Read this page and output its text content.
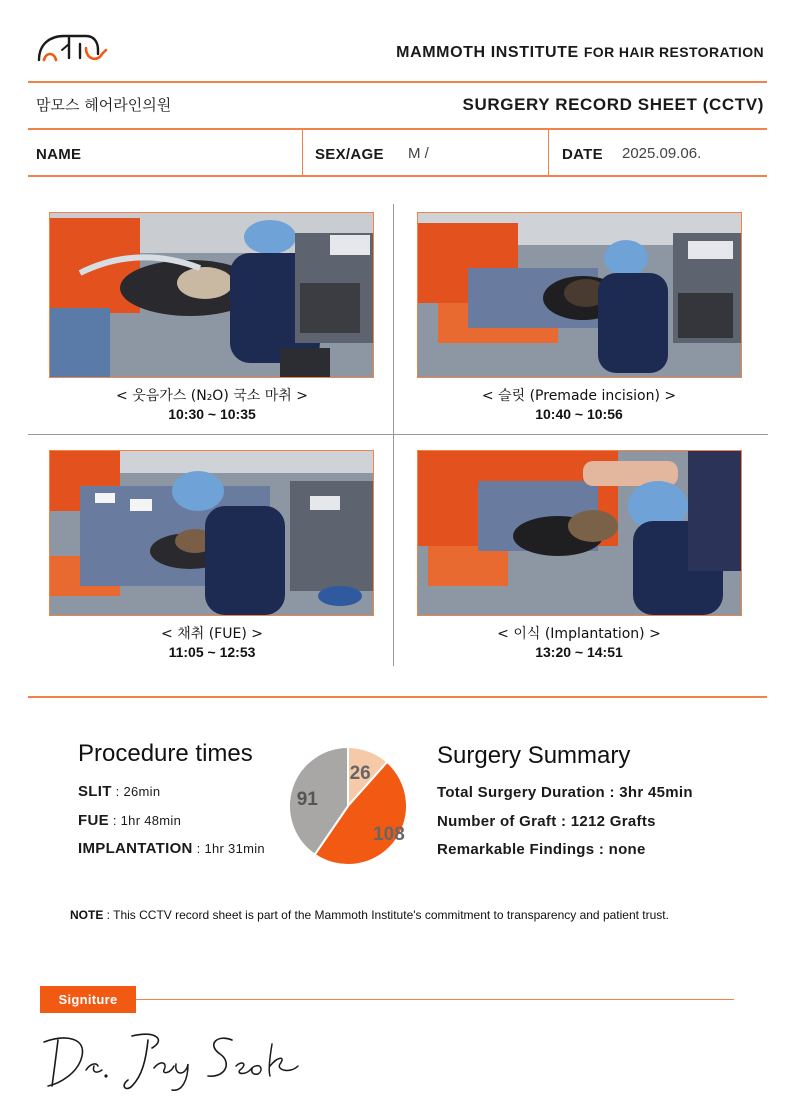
MAMMOTH INSTITUTE FOR HAIR RESTORATION
맘모스 헤어라인의원	SURGERY RECORD SHEET (CCTV)
NAME	SEX/AGE M /	DATE 2025.09.06.
< 웃음가스 (N₂O) 국소 마취 >
10:30 ~ 10:35
< 슬릿 (Premade incision) >
10:40 ~ 10:56
< 채취 (FUE) >
11:05 ~ 12:53
< 이식 (Implantation) >
13:20 ~ 14:51
Procedure times
SLIT : 26min
FUE : 1hr 48min
IMPLANTATION : 1hr 31min
26
108
91
Surgery Summary
Total Surgery Duration : 3hr 45min
Number of Graft : 1212 Grafts
Remarkable Findings : none
NOTE : This CCTV record sheet is part of the Mammoth Institute's commitment to transparency and patient trust.
Signiture
